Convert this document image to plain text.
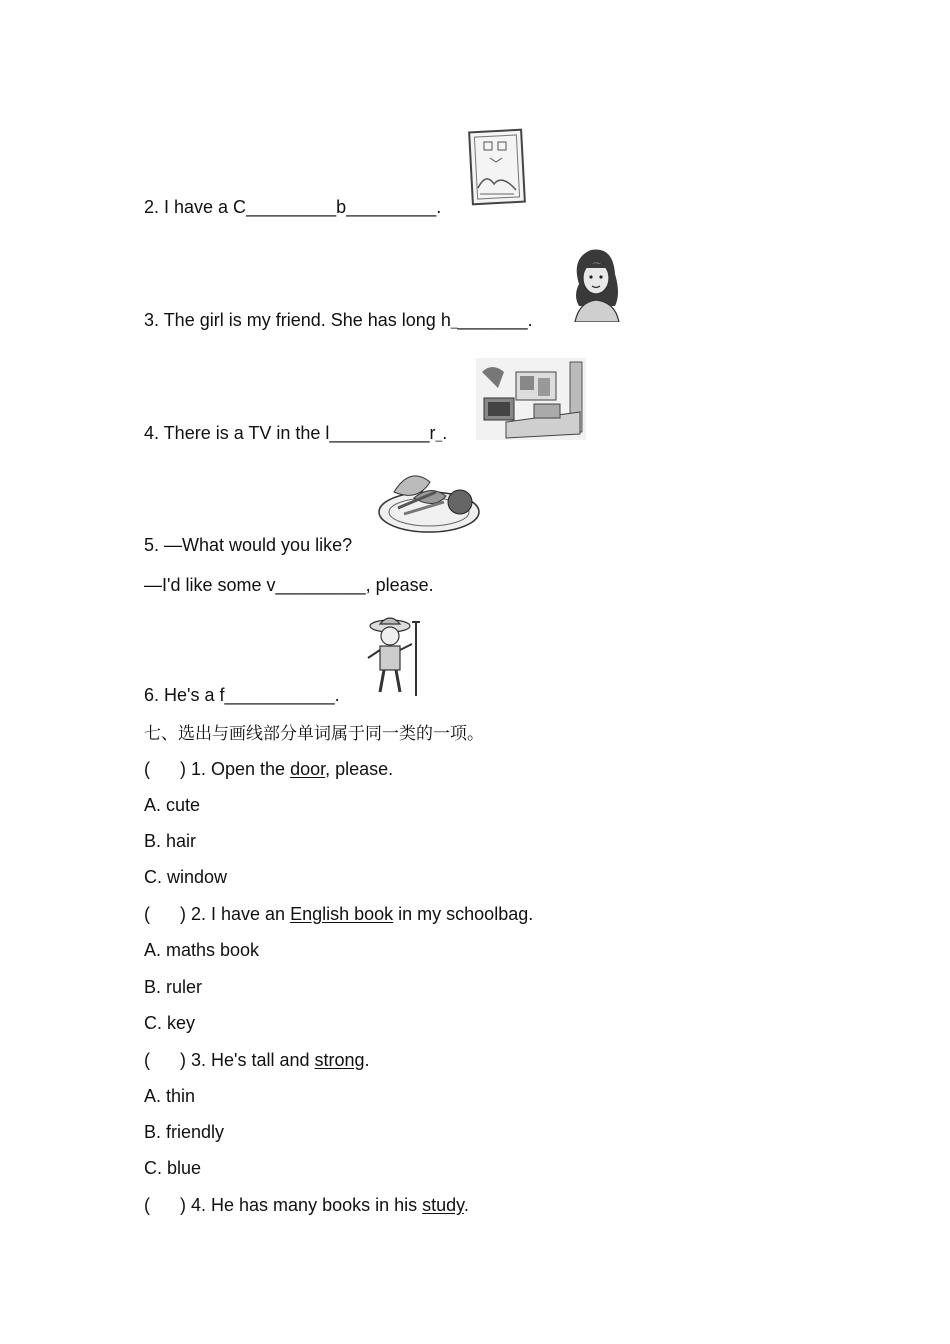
2. I have a C_________b_________.
3. The girl is my friend. She has long h________.
4. There is a TV in the l__________r_.
5. —What would you like?
—I'd like some v_________, please.
6. He's a f___________.
七、选出与画线部分单词属于同一类的一项。
(      ) 1. Open the door, please.
A. cute
B. hair
C. window
(      ) 2. I have an English book in my schoolbag.
A. maths book
B. ruler
C. key
(      ) 3. He's tall and strong.
A. thin
B. friendly
C. blue
(      ) 4. He has many books in his study.
